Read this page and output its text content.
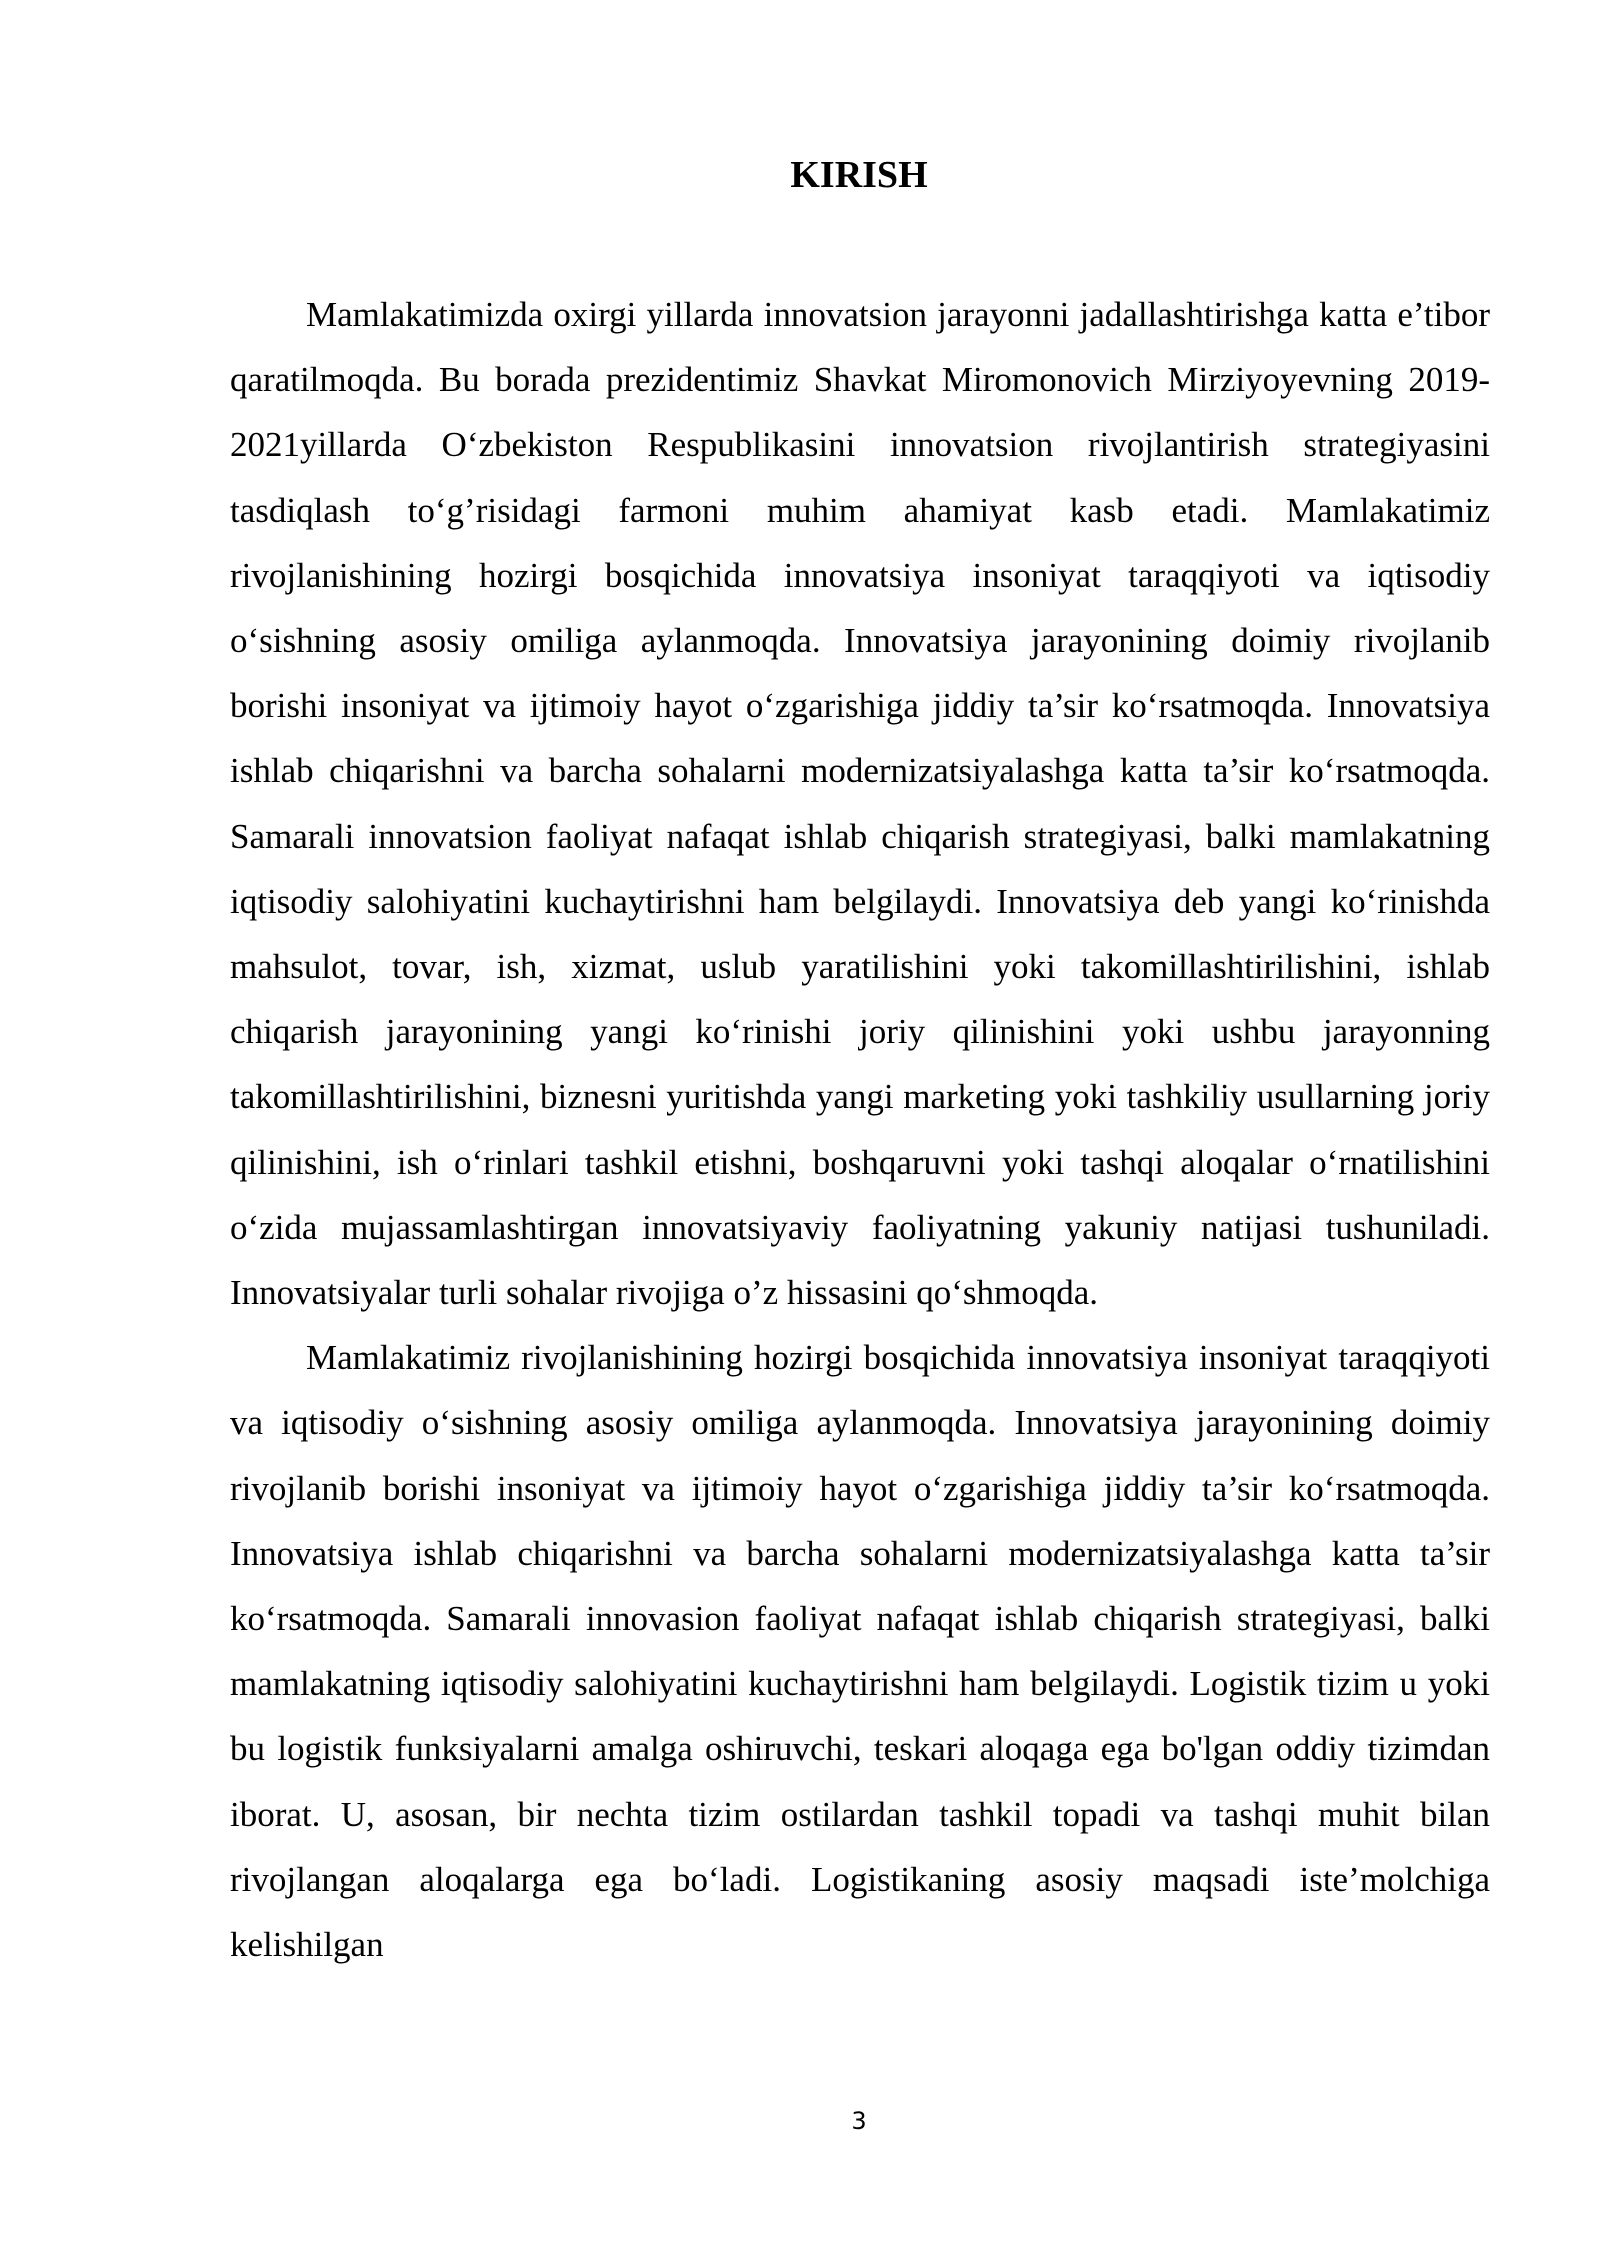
KIRISH

Mamlakatimizda oxirgi yillarda innovatsion jarayonni jadallashtirishga katta e’tibor qaratilmoqda. Bu borada prezidentimiz Shavkat Miromonovich Mirziyoyevning 2019-2021yillarda O‘zbekiston Respublikasini innovatsion rivojlantirish strategiyasini tasdiqlash to‘g’risidagi farmoni muhim ahamiyat kasb etadi. Mamlakatimiz rivojlanishining hozirgi bosqichida innovatsiya insoniyat taraqqiyoti va iqtisodiy o‘sishning asosiy omiliga aylanmoqda. Innovatsiya jarayonining doimiy rivojlanib borishi insoniyat va ijtimoiy hayot o‘zgarishiga jiddiy ta’sir ko‘rsatmoqda. Innovatsiya ishlab chiqarishni va barcha sohalarni modernizatsiyalashga katta ta’sir ko‘rsatmoqda. Samarali innovatsion faoliyat nafaqat ishlab chiqarish strategiyasi, balki mamlakatning iqtisodiy salohiyatini kuchaytirishni ham belgilaydi. Innovatsiya deb yangi ko‘rinishda mahsulot, tovar, ish, xizmat, uslub yaratilishini yoki takomillashtirilishini, ishlab chiqarish jarayonining yangi ko‘rinishi joriy qilinishini yoki ushbu jarayonning takomillashtirilishini, biznesni yuritishda yangi marketing yoki tashkiliy usullarning joriy qilinishini, ish o‘rinlari tashkil etishni, boshqaruvni yoki tashqi aloqalar o‘rnatilishini o‘zida mujassamlashtirgan innovatsiyaviy faoliyatning yakuniy natijasi tushuniladi. Innovatsiyalar turli sohalar rivojiga o’z hissasini qo‘shmoqda.

Mamlakatimiz rivojlanishining hozirgi bosqichida innovatsiya insoniyat taraqqiyoti va iqtisodiy o‘sishning asosiy omiliga aylanmoqda. Innovatsiya jarayonining doimiy rivojlanib borishi insoniyat va ijtimoiy hayot o‘zgarishiga jiddiy ta’sir ko‘rsatmoqda. Innovatsiya ishlab chiqarishni va barcha sohalarni modernizatsiyalashga katta ta’sir ko‘rsatmoqda. Samarali innovasion faoliyat nafaqat ishlab chiqarish strategiyasi, balki mamlakatning iqtisodiy salohiyatini kuchaytirishni ham belgilaydi. Logistik tizim u yoki bu logistik funksiyalarni amalga oshiruvchi, teskari aloqaga ega bo'lgan oddiy tizimdan iborat. U, asosan, bir nechta tizim ostilardan tashkil topadi va tashqi muhit bilan rivojlangan aloqalarga ega bo‘ladi. Logistikaning asosiy maqsadi iste’molchiga kelishilgan

3
